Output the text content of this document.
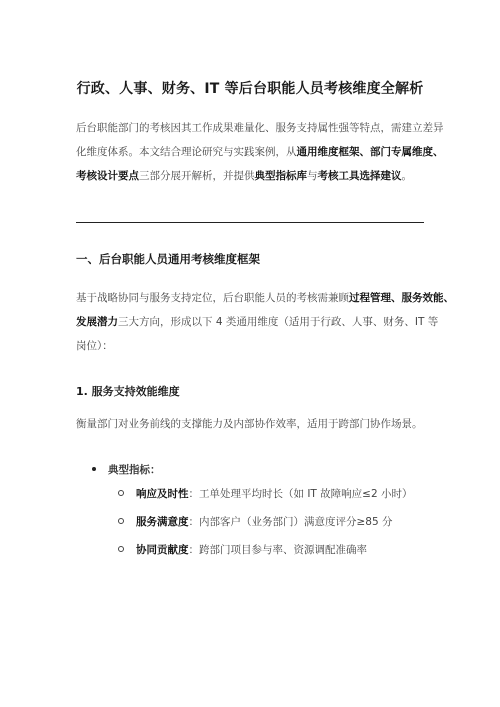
行政、人事、财务、IT 等后台职能人员考核维度全解析
后台职能部门的考核因其工作成果难量化、服务支持属性强等特点，需建立差异
化维度体系。本文结合理论研究与实践案例，从通用维度框架、部门专属维度、
考核设计要点三部分展开解析，并提供典型指标库与考核工具选择建议。
一、后台职能人员通用考核维度框架
基于战略协同与服务支持定位，后台职能人员的考核需兼顾过程管理、服务效能、
发展潜力三大方向，形成以下 4 类通用维度（适用于行政、人事、财务、IT 等
岗位）：
1. 服务支持效能维度
衡量部门对业务前线的支撑能力及内部协作效率，适用于跨部门协作场景。
典型指标：
响应及时性：工单处理平均时长（如 IT 故障响应≤2 小时）
服务满意度：内部客户（业务部门）满意度评分≥85 分
协同贡献度：跨部门项目参与率、资源调配准确率
